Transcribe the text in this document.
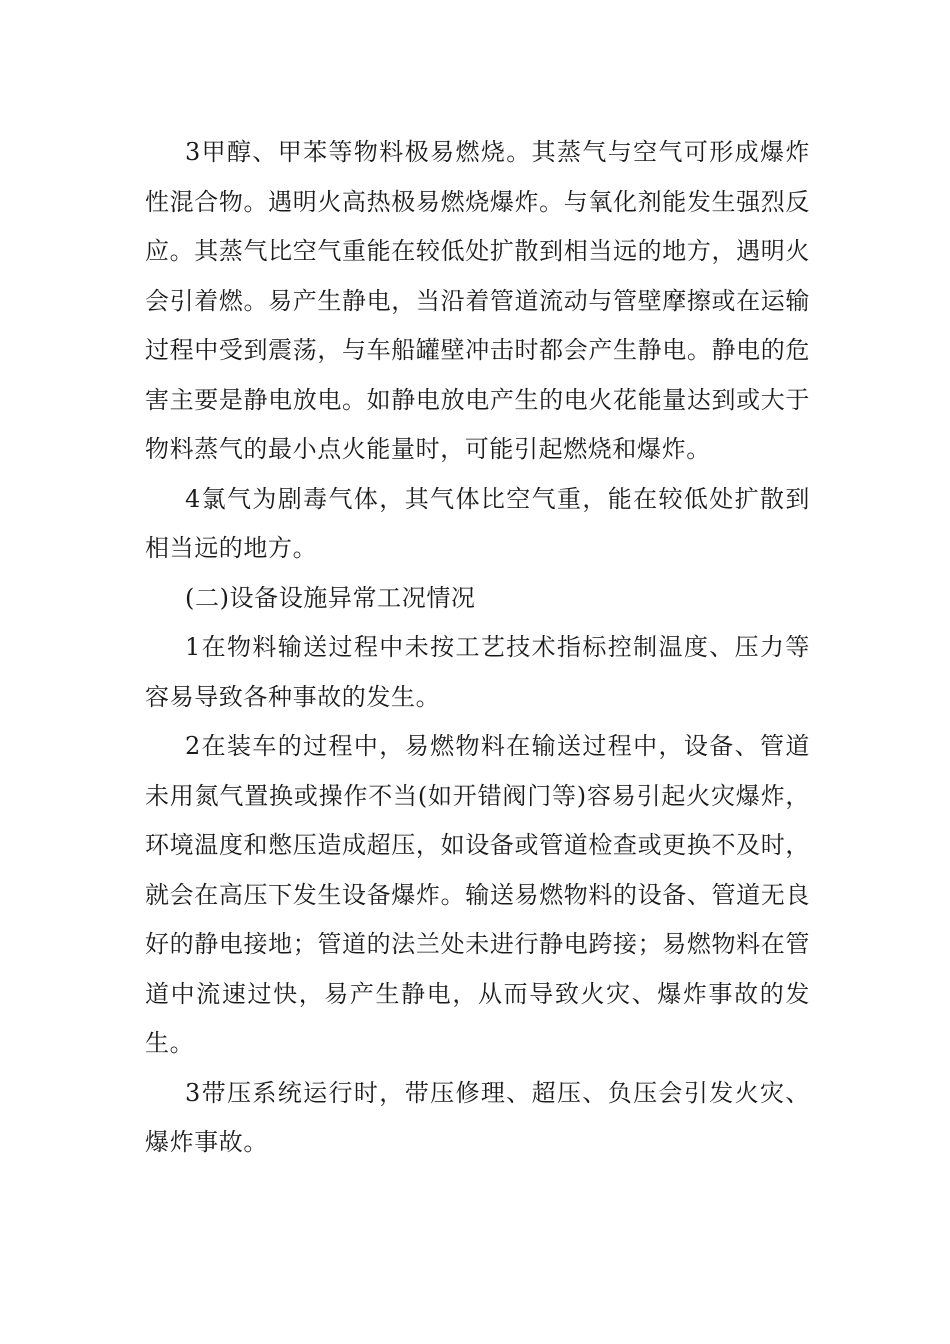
3甲醇、甲苯等物料极易燃烧。其蒸气与空气可形成爆炸性混合物。遇明火高热极易燃烧爆炸。与氧化剂能发生强烈反应。其蒸气比空气重能在较低处扩散到相当远的地方，遇明火会引着燃。易产生静电，当沿着管道流动与管壁摩擦或在运输过程中受到震荡，与车船罐壁冲击时都会产生静电。静电的危害主要是静电放电。如静电放电产生的电火花能量达到或大于物料蒸气的最小点火能量时，可能引起燃烧和爆炸。

4氯气为剧毒气体，其气体比空气重，能在较低处扩散到相当远的地方。

(二)设备设施异常工况情况

1在物料输送过程中未按工艺技术指标控制温度、压力等容易导致各种事故的发生。

2在装车的过程中，易燃物料在输送过程中，设备、管道未用氮气置换或操作不当(如开错阀门等)容易引起火灾爆炸，环境温度和憋压造成超压，如设备或管道检查或更换不及时，就会在高压下发生设备爆炸。输送易燃物料的设备、管道无良好的静电接地；管道的法兰处未进行静电跨接；易燃物料在管道中流速过快，易产生静电，从而导致火灾、爆炸事故的发生。

3带压系统运行时，带压修理、超压、负压会引发火灾、爆炸事故。
